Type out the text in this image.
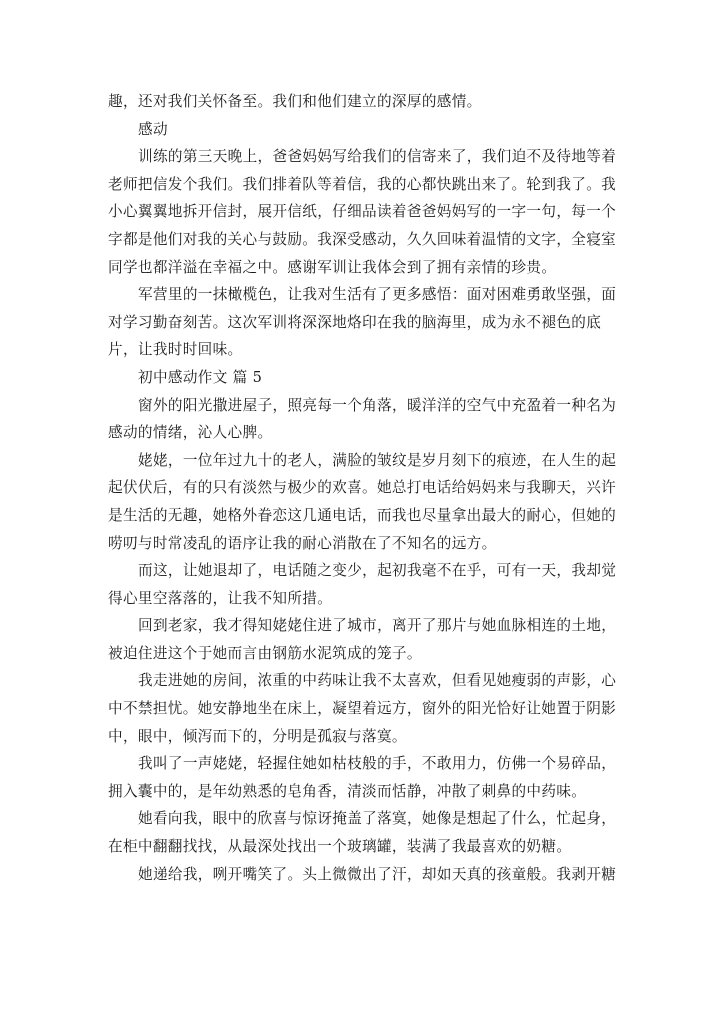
趣，还对我们关怀备至。我们和他们建立的深厚的感情。
感动
训练的第三天晚上，爸爸妈妈写给我们的信寄来了，我们迫不及待地等着
老师把信发个我们。我们排着队等着信，我的心都快跳出来了。轮到我了。我
小心翼翼地拆开信封，展开信纸，仔细品读着爸爸妈妈写的一字一句，每一个
字都是他们对我的关心与鼓励。我深受感动，久久回味着温情的文字，全寝室
同学也都洋溢在幸福之中。感谢军训让我体会到了拥有亲情的珍贵。
军营里的一抹橄榄色，让我对生活有了更多感悟：面对困难勇敢坚强，面
对学习勤奋刻苦。这次军训将深深地烙印在我的脑海里，成为永不褪色的底
片，让我时时回味。
初中感动作文 篇 5
窗外的阳光撒进屋子，照亮每一个角落，暖洋洋的空气中充盈着一种名为
感动的情绪，沁人心脾。
姥姥，一位年过九十的老人，满脸的皱纹是岁月刻下的痕迹，在人生的起
起伏伏后，有的只有淡然与极少的欢喜。她总打电话给妈妈来与我聊天，兴许
是生活的无趣，她格外眷恋这几通电话，而我也尽量拿出最大的耐心，但她的
唠叨与时常凌乱的语序让我的耐心消散在了不知名的远方。
而这，让她退却了，电话随之变少，起初我毫不在乎，可有一天，我却觉
得心里空落落的，让我不知所措。
回到老家，我才得知姥姥住进了城市，离开了那片与她血脉相连的土地，
被迫住进这个于她而言由钢筋水泥筑成的笼子。
我走进她的房间，浓重的中药味让我不太喜欢，但看见她瘦弱的声影，心
中不禁担忧。她安静地坐在床上，凝望着远方，窗外的阳光恰好让她置于阴影
中，眼中，倾泻而下的，分明是孤寂与落寞。
我叫了一声姥姥，轻握住她如枯枝般的手，不敢用力，仿佛一个易碎品，
拥入囊中的，是年幼熟悉的皂角香，清淡而恬静，冲散了刺鼻的中药味。
她看向我，眼中的欣喜与惊讶掩盖了落寞，她像是想起了什么，忙起身，
在柜中翻翻找找，从最深处找出一个玻璃罐，装满了我最喜欢的奶糖。
她递给我，咧开嘴笑了。头上微微出了汗，却如天真的孩童般。我剥开糖
